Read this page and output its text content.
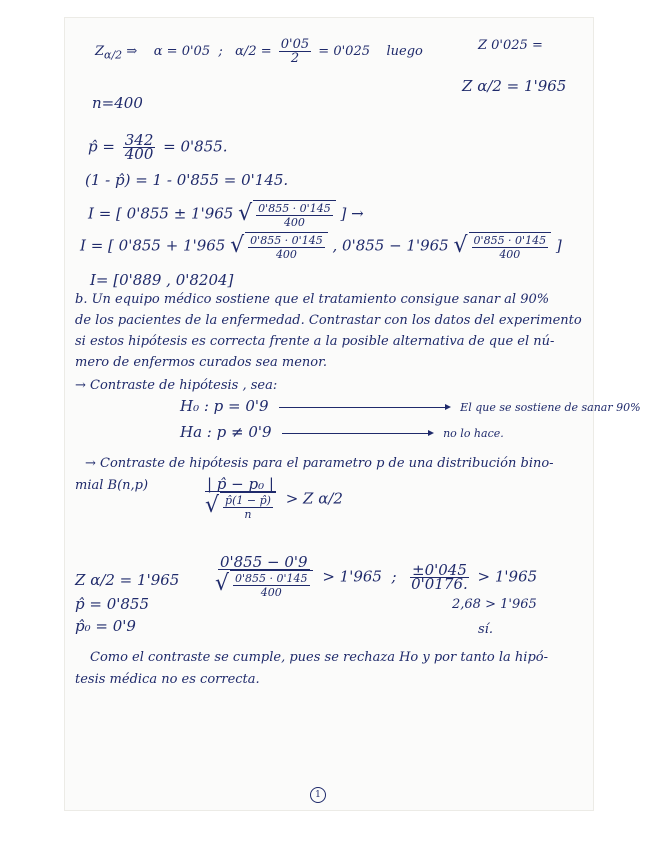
$Z_{\alpha/2}$ ⇒ α = 0'05 ; $\alpha/2 = \frac{0'05}{2} = 0'025$ luego	Z 0'025 =
Z α/2 = 1'965
n=400
p̂ = $\frac{342}{400} = 0'855$.
(1 - p̂) = 1 - 0'855 = 0'145.
I = [ 0'855 ± 1'965 √ $\frac{0'855 \cdot 0'145}{400}$ ] →
I = [ 0'855 + 1'965 √ $\frac{0'855 \cdot 0'145}{400}$ , 0'855 − 1'965 √ $\frac{0'855 \cdot 0'145}{400}$ ]
I= [0'889 , 0'8204]
b. Un equipo médico sostiene que el tratamiento consigue sanar al 90%
de los pacientes de la enfermedad. Contrastar con los datos del experimento
si estos hipótesis es correcta frente a la posible alternativa de que el nú-
mero de enfermos curados sea menor.
→ Contraste de hipótesis , sea:
H₀ : p = 0'9	El que se sostiene de sanar 90%
Ha : p ≠ 0'9	no lo hace.
→ Contraste de hipótesis para el parametro p de una distribución bino-
mial B(n,p)	$\frac{\text{| p̂ − p₀ |}}{√ \frac{p̂(1 - p̂)}{n}} > Z$ α/2
Z α/2 = 1'965
p̂ = 0'855
p̂₀ = 0'9
$\frac{0'855 - 0'9}{√ \frac{0'855 \cdot 0'145}{400}} > 1'965$ ; $\frac{\pm 0'045}{0'0176.} > 1'965$
2,68 > 1'965
sí.
Como el contraste se cumple, pues se rechaza Ho y por tanto la hipó-
tesis médica no es correcta.
1
